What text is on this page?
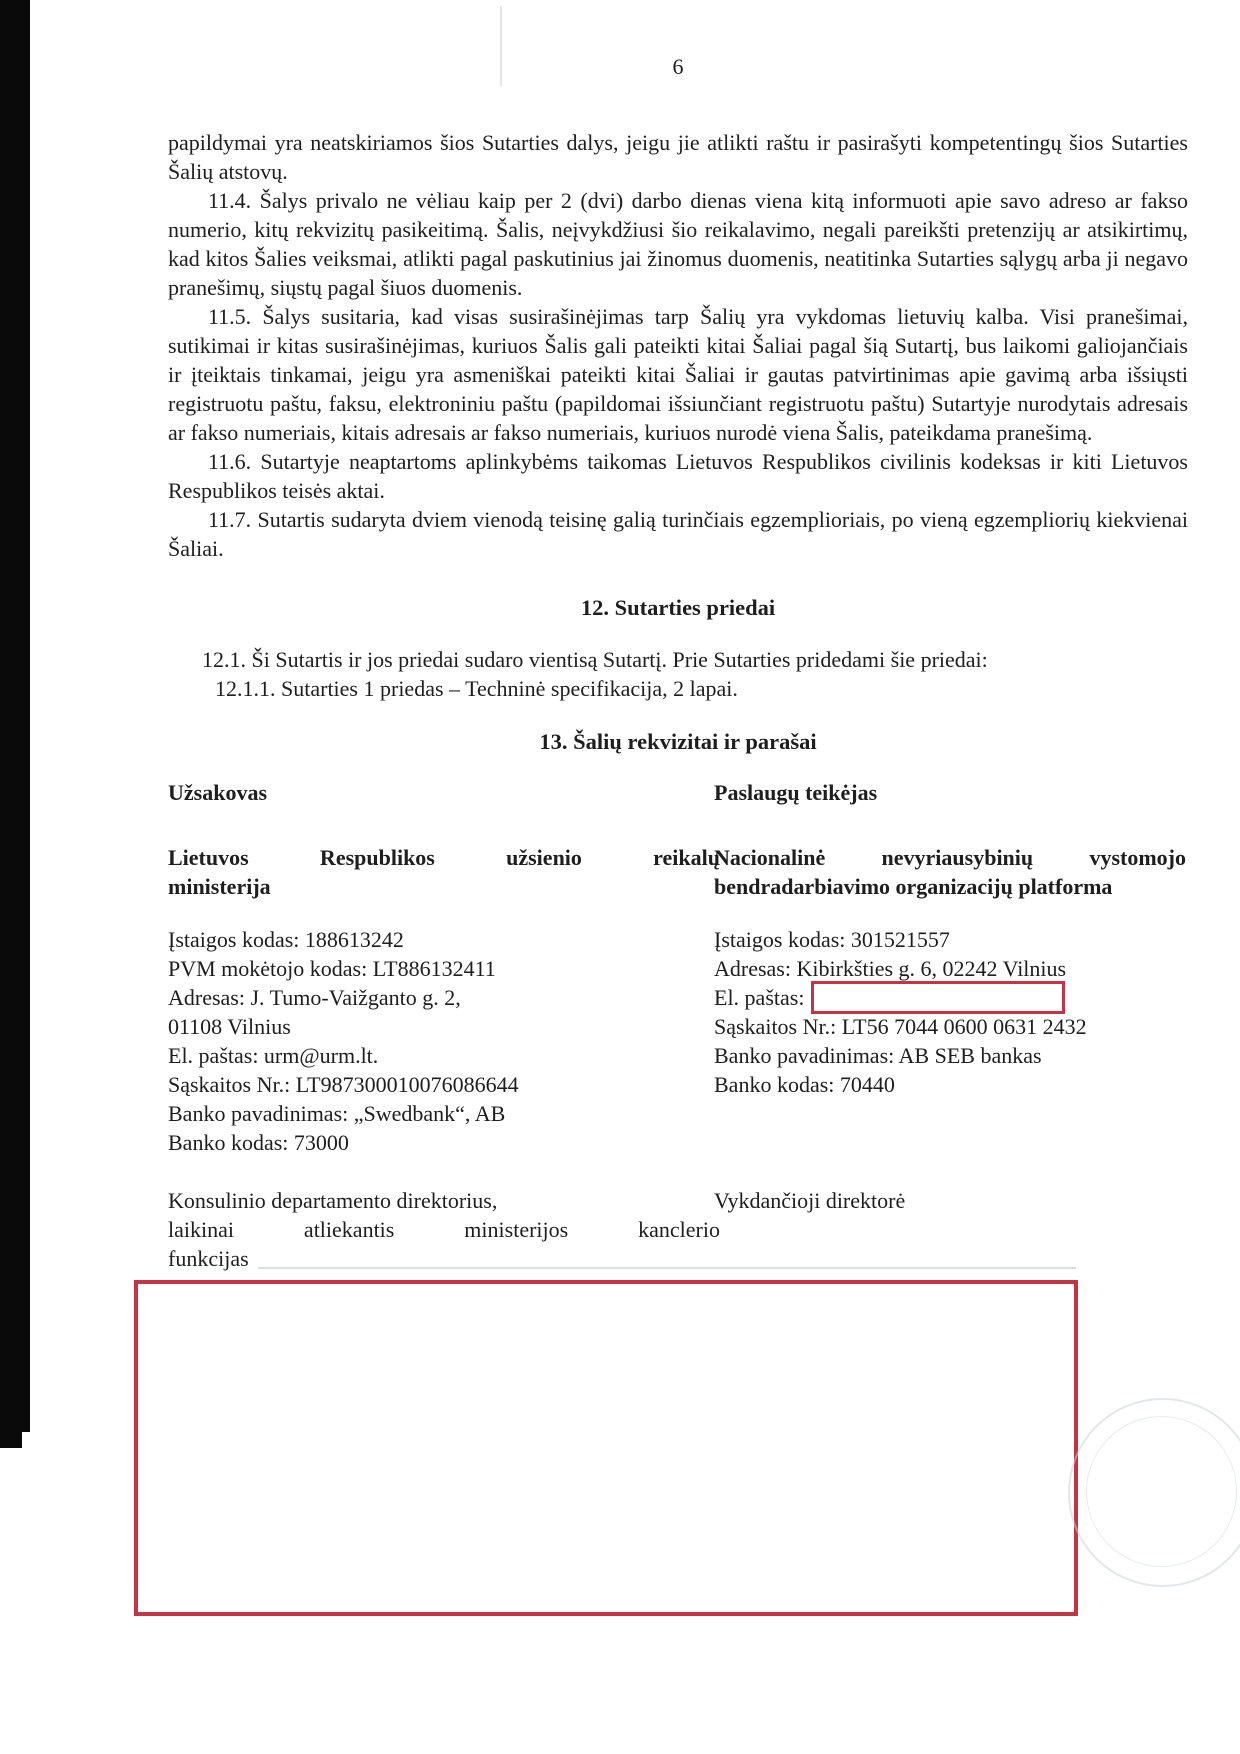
6

papildymai yra neatskiriamos šios Sutarties dalys, jeigu jie atlikti raštu ir pasirašyti kompetentingų šios Sutarties Šalių atstovų.

11.4. Šalys privalo ne vėliau kaip per 2 (dvi) darbo dienas viena kitą informuoti apie savo adreso ar fakso numerio, kitų rekvizitų pasikeitimą. Šalis, neįvykdžiusi šio reikalavimo, negali pareikšti pretenzijų ar atsikirtimų, kad kitos Šalies veiksmai, atlikti pagal paskutinius jai žinomus duomenis, neatitinka Sutarties sąlygų arba ji negavo pranešimų, siųstų pagal šiuos duomenis.

11.5. Šalys susitaria, kad visas susirašinėjimas tarp Šalių yra vykdomas lietuvių kalba. Visi pranešimai, sutikimai ir kitas susirašinėjimas, kuriuos Šalis gali pateikti kitai Šaliai pagal šią Sutartį, bus laikomi galiojančiais ir įteiktais tinkamai, jeigu yra asmeniškai pateikti kitai Šaliai ir gautas patvirtinimas apie gavimą arba išsiųsti registruotu paštu, faksu, elektroniniu paštu (papildomai išsiunčiant registruotu paštu) Sutartyje nurodytais adresais ar fakso numeriais, kitais adresais ar fakso numeriais, kuriuos nurodė viena Šalis, pateikdama pranešimą.

11.6. Sutartyje neaptartoms aplinkybėms taikomas Lietuvos Respublikos civilinis kodeksas ir kiti Lietuvos Respublikos teisės aktai.

11.7. Sutartis sudaryta dviem vienodą teisinę galią turinčiais egzemplioriais, po vieną egzempliorių kiekvienai Šaliai.

12. Sutarties priedai
12.1. Ši Sutartis ir jos priedai sudaro vientisą Sutartį. Prie Sutarties pridedami šie priedai:
12.1.1. Sutarties 1 priedas – Techninė specifikacija, 2 lapai.
13. Šalių rekvizitai ir parašai
Užsakovas	Paslaugų teikėjas
Lietuvos Respublikos užsienio reikalų
ministerija
Nacionalinė nevyriausybinių vystomojo
bendradarbiavimo organizacijų platforma
Įstaigos kodas: 188613242
PVM mokėtojo kodas: LT886132411
Adresas: J. Tumo-Vaižganto g. 2,
01108 Vilnius
El. paštas: urm@urm.lt.
Sąskaitos Nr.: LT987300010076086644
Banko pavadinimas: „Swedbank“, AB
Banko kodas: 73000
Įstaigos kodas: 301521557
Adresas: Kibirkšties g. 6, 02242 Vilnius
El. paštas:
Sąskaitos Nr.: LT56 7044 0600 0631 2432
Banko pavadinimas: AB SEB bankas
Banko kodas: 70440
Konsulinio departamento direktorius,
laikinai atliekantis ministerijos kanclerio
funkcijas
Vykdančioji direktorė
